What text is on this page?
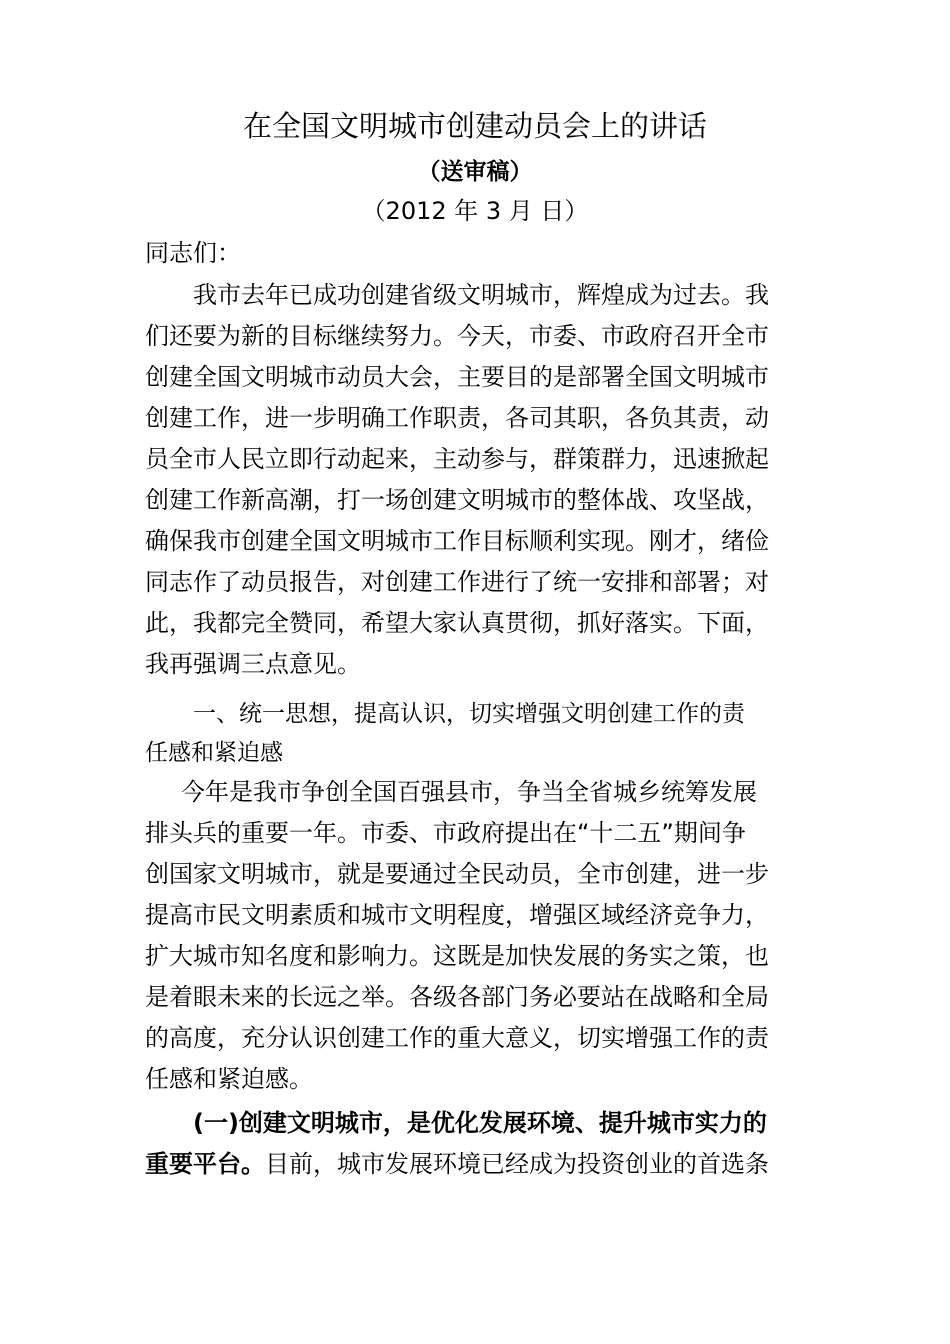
在全国文明城市创建动员会上的讲话
（送审稿）
（2012 年 3 月 日）
同志们：
我市去年已成功创建省级文明城市，辉煌成为过去。我
们还要为新的目标继续努力。今天，市委、市政府召开全市
创建全国文明城市动员大会，主要目的是部署全国文明城市
创建工作，进一步明确工作职责，各司其职，各负其责，动
员全市人民立即行动起来，主动参与，群策群力，迅速掀起
创建工作新高潮，打一场创建文明城市的整体战、攻坚战，
确保我市创建全国文明城市工作目标顺利实现。刚才，绪俭
同志作了动员报告，对创建工作进行了统一安排和部署；对
此，我都完全赞同，希望大家认真贯彻，抓好落实。下面，
我再强调三点意见。
一、统一思想，提高认识，切实增强文明创建工作的责
任感和紧迫感
今年是我市争创全国百强县市，争当全省城乡统筹发展
排头兵的重要一年。市委、市政府提出在“十二五”期间争
创国家文明城市，就是要通过全民动员，全市创建，进一步
提高市民文明素质和城市文明程度，增强区域经济竞争力，
扩大城市知名度和影响力。这既是加快发展的务实之策，也
是着眼未来的长远之举。各级各部门务必要站在战略和全局
的高度，充分认识创建工作的重大意义，切实增强工作的责
任感和紧迫感。
(一)创建文明城市，是优化发展环境、提升城市实力的
重要平台。目前，城市发展环境已经成为投资创业的首选条
